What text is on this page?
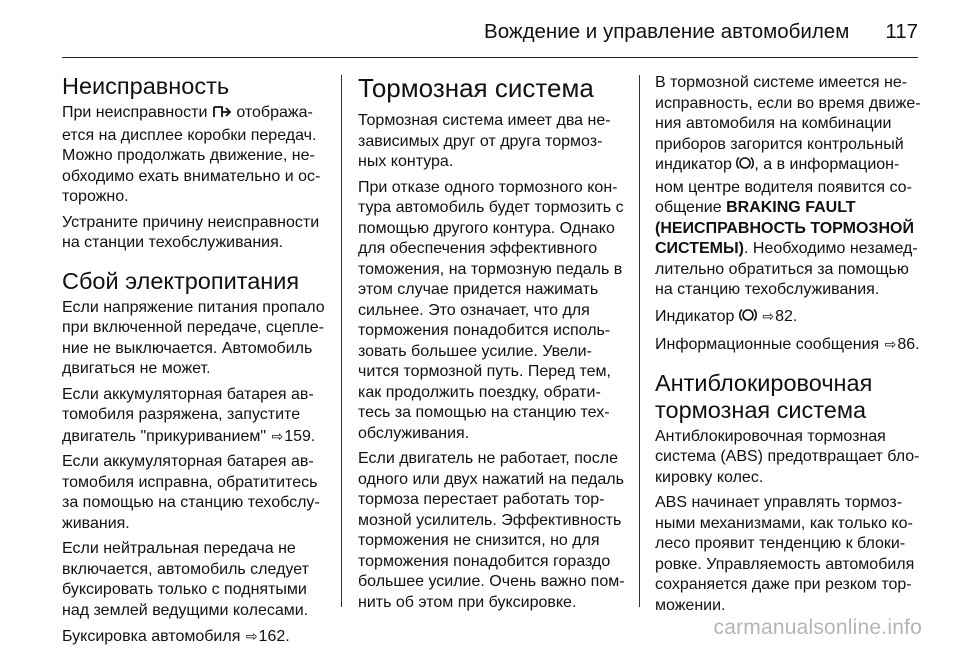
Вождение и управление автомобилем 117
Неисправность

При неисправности отобража-ется на дисплее коробки передач. Можно продолжать движение, не-обходимо ехать внимательно и ос-торожно.

Устраните причину неисправности на станции техобслуживания.

Сбой электропитания

Если напряжение питания пропало при включенной передаче, сцепле-ние не выключается. Автомобиль двигаться не может.

Если аккумуляторная батарея ав-томобиля разряжена, запустите двигатель "прикуриванием" ⇨159.

Если аккумуляторная батарея ав-томобиля исправна, обратититесь за помощью на станцию техобслу-живания.

Если нейтральная передача не включается, автомобиль следует буксировать только с поднятыми над землей ведущими колесами.

Буксировка автомобиля ⇨162.

Тормозная система

Тормозная система имеет два не-зависимых друг от друга тормоз-ных контура.

При отказе одного тормозного кон-тура автомобиль будет тормозить с помощью другого контура. Однако для обеспечения эффективного томожения, на тормозную педаль в этом случае придется нажимать сильнее. Это означает, что для торможения понадобится исполь-зовать большее усилие. Увели-чится тормозной путь. Перед тем, как продолжить поездку, обрати-тесь за помощью на станцию тех-обслуживания.

Если двигатель не работает, после одного или двух нажатий на педаль тормоза перестает работать тор-мозной усилитель. Эффективность торможения не снизится, но для торможения понадобится гораздо большее усилие. Очень важно пом-нить об этом при буксировке.

В тормозной системе имеется не-исправность, если во время движе-ния автомобиля на комбинации приборов загорится контрольный индикатор , а в информацион-ном центре водителя появится со-общение BRAKING FAULT (НЕИСПРАВНОСТЬ ТОРМОЗНОЙ СИСТЕМЫ). Необходимо незамед-лительно обратиться за помощью на станцию техобслуживания.

Индикатор ⇨82.

Информационные сообщения ⇨86.

Антиблокировочная тормозная система

Антиблокировочная тормозная система (ABS) предотвращает бло-кировку колес.

ABS начинает управлять тормоз-ными механизмами, как только ко-лесо проявит тенденцию к блоки-ровке. Управляемость автомобиля сохраняется даже при резком тор-можении.

carmanualsonline.info
